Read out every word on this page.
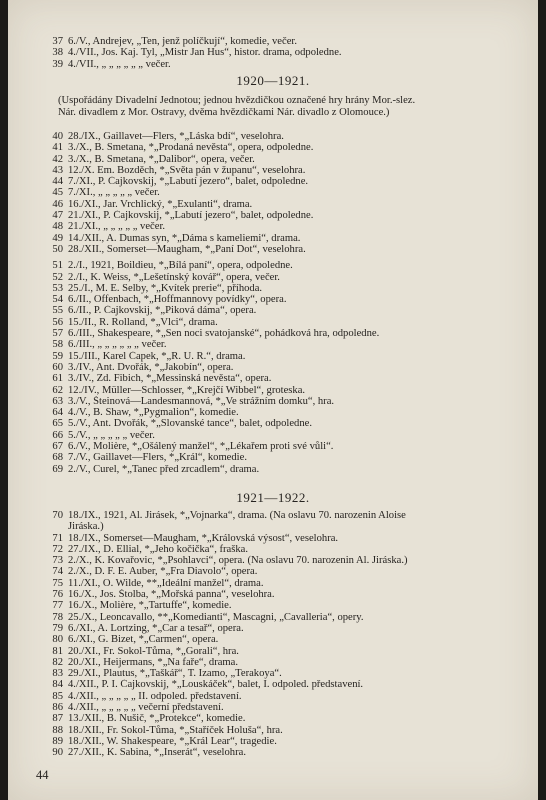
37 6./V., Andrejev, „Ten, jenž políčkují“, komedie, večer.
38 4./VII., Jos. Kaj. Tyl, „Mistr Jan Hus“, histor. drama, odpoledne.
39 4./VII., „ „ „ „ „ „ večer.
1920—1921.
(Uspořádány Divadelní Jednotou; jednou hvězdičkou označené hry hrány Mor.-slez.
Nár. divadlem z Mor. Ostravy, dvěma hvězdičkami Nár. divadlo z Olomouce.)
40 28./IX., Gaillavet—Flers, *„Láska bdí“, veselohra.
41 3./X., B. Smetana, *„Prodaná nevěsta“, opera, odpoledne.
42 3./X., B. Smetana, *„Dalibor“, opera, večer.
43 12./X. Em. Bozděch, *„Světa pán v županu“, veselohra.
44 7./XI., P. Čajkovskij, *„Labutí jezero“, balet, odpoledne.
45 7./XI., „ „ „ „ „ večer.
46 16./XI., Jar. Vrchlický, *„Exulanti“, drama.
47 21./XI., P. Čajkovskij, *„Labutí jezero“, balet, odpoledne.
48 21./XI., „ „ „ „ „ večer.
49 14./XII., A. Dumas syn, *„Dáma s kameliemi“, drama.
50 28./XII., Somerset—Maugham, *„Paní Dot“, veselohra.
51 2./I., 1921, Boildieu, *„Bílá paní“, opera, odpoledne.
52 2./I., K. Weiss, *„Lešetínský kovář“, opera, večer.
53 25./I., M. E. Selby, *„Kvítek prerie“, příhoda.
54 6./II., Offenbach, *„Hoffmannovy povídky“, opera.
55 6./II., P. Čajkovskij, *„Piková dáma“, opera.
56 15./II., R. Rolland, *„Vlci“, drama.
57 6./III., Shakespeare, *„Sen noci svatojanské“, pohádková hra, odpoledne.
58 6./III., „ „ „ „ „ „ večer.
59 15./III., Karel Čapek, *„R. U. R.“, drama.
60 3./IV., Ant. Dvořák, *„Jakobín“, opera.
61 3./IV., Zd. Fibich, *„Messinská nevěsta“, opera.
62 12./IV., Müller—Schlosser, *„Krejčí Wibbel“, groteska.
63 3./V., Šteinová—Landesmannová, *„Ve strážním domku“, hra.
64 4./V., B. Shaw, *„Pygmalion“, komedie.
65 5./V., Ant. Dvořák, *„Slovanské tance“, balet, odpoledne.
66 5./V., „ „ „ „ „ večer.
67 6./V., Molière, *„Ošálený manžel“, *„Lékařem proti své vůli“.
68 7./V., Gaillavet—Flers, *„Král“, komedie.
69 2./V., Curel, *„Tanec před zrcadlem“, drama.
1921—1922.
70 18./IX., 1921, Al. Jirásek, *„Vojnarka“, drama. (Na oslavu 70. narozenin Aloise
Jiráska.)
71 18./IX., Somerset—Maugham, *„Královská výsost“, veselohra.
72 27./IX., D. Ellial, *„Jeho kočička“, fraška.
73 2./X., K. Kovařovic, *„Psohlavci“, opera. (Na oslavu 70. narozenin Al. Jiráska.)
74 2./X., D. F. E. Auber, *„Fra Diavolo“, opera.
75 11./XI., O. Wilde, **„Ideální manžel“, drama.
76 16./X., Jos. Štolba, *„Mořská panna“, veselohra.
77 16./X., Molière, *„Tartuffe“, komedie.
78 25./X., Leoncavallo, **„Komedianti“, Mascagni, „Cavalleria“, opery.
79 6./XI., A. Lortzing, *„Car a tesař“, opera.
80 6./XI., G. Bizet, *„Carmen“, opera.
81 20./XI., Fr. Sokol-Tůma, *„Gorali“, hra.
82 20./XI., Heijermans, *„Na faře“, drama.
83 29./XI., Plautus, *„Taškář“, T. Izamo, „Terakoya“.
84 4./XII., P. I. Čajkovskij, *„Louskáček“, balet, I. odpoled. představení.
85 4./XII., „ „ „ „ „ II. odpoled. představení.
86 4./XII., „ „ „ „ „ večerní představení.
87 13./XII., B. Nušič, *„Protekce“, komedie.
88 18./XII., Fr. Sokol-Tůma, *„Staříček Holuša“, hra.
89 18./XII., W. Shakespeare, *„Král Lear“, tragedie.
90 27./XII., K. Sabina, *„Inserát“, veselohra.
44
